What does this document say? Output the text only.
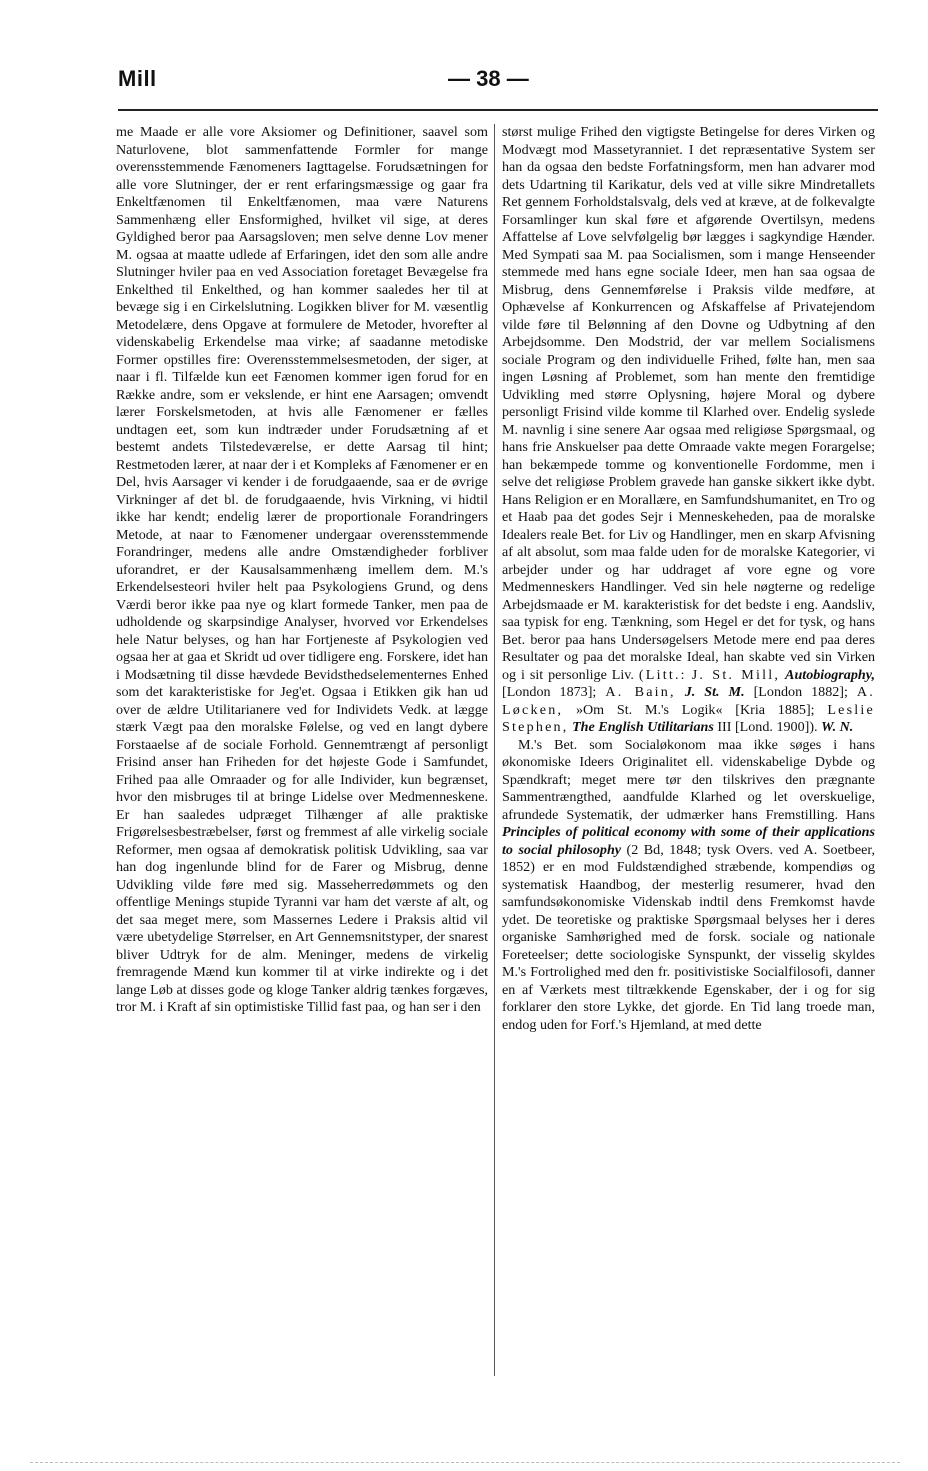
Mill	— 38 —

me Maade er alle vore Aksiomer og Definitioner, saavel som Naturlovene, blot sammenfattende Formler for mange overensstemmende Fænomeners Iagttagelse. Forudsætningen for alle vore Slutninger, der er rent erfaringsmæssige og gaar fra Enkeltfænomen til Enkeltfænomen, maa være Naturens Sammenhæng eller Ensformighed, hvilket vil sige, at deres Gyldighed beror paa Aarsagsloven; men selve denne Lov mener M. ogsaa at maatte udlede af Erfaringen, idet den som alle andre Slutninger hviler paa en ved Association foretaget Bevægelse fra Enkelthed til Enkelthed, og han kommer saaledes her til at bevæge sig i en Cirkelslutning. Logikken bliver for M. væsentlig Metodelære, dens Opgave at formulere de Metoder, hvorefter al videnskabelig Erkendelse maa virke; af saadanne metodiske Former opstilles fire: Overensstemmelsesmetoden, der siger, at naar i fl. Tilfælde kun eet Fænomen kommer igen forud for en Række andre, som er vekslende, er hint ene Aarsagen; omvendt lærer Forskelsmetoden, at hvis alle Fænomener er fælles undtagen eet, som kun indtræder under Forudsætning af et bestemt andets Tilstedeværelse, er dette Aarsag til hint; Restmetoden lærer, at naar der i et Kompleks af Fænomener er en Del, hvis Aarsager vi kender i de forudgaaende, saa er de øvrige Virkninger af det bl. de forudgaaende, hvis Virkning, vi hidtil ikke har kendt; endelig lærer de proportionale Forandringers Metode, at naar to Fænomener undergaar overensstemmende Forandringer, medens alle andre Omstændigheder forbliver uforandret, er der Kausalsammenhæng imellem dem. M.'s Erkendelsesteori hviler helt paa Psykologiens Grund, og dens Værdi beror ikke paa nye og klart formede Tanker, men paa de udholdende og skarpsindige Analyser, hvorved vor Erkendelses hele Natur belyses, og han har Fortjeneste af Psykologien ved ogsaa her at gaa et Skridt ud over tidligere eng. Forskere, idet han i Modsætning til disse hævdede Bevidsthedselementernes Enhed som det karakteristiske for Jeg'et. Ogsaa i Etikken gik han ud over de ældre Utilitarianere ved for Individets Vedk. at lægge stærk Vægt paa den moralske Følelse, og ved en langt dybere Forstaaelse af de sociale Forhold. Gennemtrængt af personligt Frisind anser han Friheden for det højeste Gode i Samfundet, Frihed paa alle Omraader og for alle Individer, kun begrænset, hvor den misbruges til at bringe Lidelse over Medmenneskene. Er han saaledes udpræget Tilhænger af alle praktiske Frigørelsesbestræbelser, først og fremmest af alle virkelig sociale Reformer, men ogsaa af demokratisk politisk Udvikling, saa var han dog ingenlunde blind for de Farer og Misbrug, denne Udvikling vilde føre med sig. Masseherredømmets og den offentlige Menings stupide Tyranni var ham det værste af alt, og det saa meget mere, som Massernes Ledere i Praksis altid vil være ubetydelige Størrelser, en Art Gennemsnitstyper, der snarest bliver Udtryk for de alm. Meninger, medens de virkelig fremragende Mænd kun kommer til at virke indirekte og i det lange Løb at disses gode og kloge Tanker aldrig tænkes forgæves, tror M. i Kraft af sin optimistiske Tillid fast paa, og han ser i den

størst mulige Frihed den vigtigste Betingelse for deres Virken og Modvægt mod Massetyranniet. I det repræsentative System ser han da ogsaa den bedste Forfatningsform, men han advarer mod dets Udartning til Karikatur, dels ved at ville sikre Mindretallets Ret gennem Forholdstalsvalg, dels ved at kræve, at de folkevalgte Forsamlinger kun skal føre et afgørende Overtilsyn, medens Affattelse af Love selvfølgelig bør lægges i sagkyndige Hænder. Med Sympati saa M. paa Socialismen, som i mange Henseender stemmede med hans egne sociale Ideer, men han saa ogsaa de Misbrug, dens Gennemførelse i Praksis vilde medføre, at Ophævelse af Konkurrencen og Afskaffelse af Privatejendom vilde føre til Belønning af den Dovne og Udbytning af den Arbejdsomme. Den Modstrid, der var mellem Socialismens sociale Program og den individuelle Frihed, følte han, men saa ingen Løsning af Problemet, som han mente den fremtidige Udvikling med større Oplysning, højere Moral og dybere personligt Frisind vilde komme til Klarhed over. Endelig syslede M. navnlig i sine senere Aar ogsaa med religiøse Spørgsmaal, og hans frie Anskuelser paa dette Omraade vakte megen Forargelse; han bekæmpede tomme og konventionelle Fordomme, men i selve det religiøse Problem gravede han ganske sikkert ikke dybt. Hans Religion er en Morallære, en Samfundshumanitet, en Tro og et Haab paa det godes Sejr i Menneskeheden, paa de moralske Idealers reale Bet. for Liv og Handlinger, men en skarp Afvisning af alt absolut, som maa falde uden for de moralske Kategorier, vi arbejder under og har uddraget af vore egne og vore Medmenneskers Handlinger. Ved sin hele nøgterne og redelige Arbejdsmaade er M. karakteristisk for det bedste i eng. Aandsliv, saa typisk for eng. Tænkning, som Hegel er det for tysk, og hans Bet. beror paa hans Undersøgelsers Metode mere end paa deres Resultater og paa det moralske Ideal, han skabte ved sin Virken og i sit personlige Liv. (Litt.: J. St. Mill, Autobiography, [London 1873]; A. Bain, J. St. M. [London 1882]; A. Løcken, »Om St. M.'s Logik« [Kria 1885]; Leslie Stephen, The English Utilitarians III [Lond. 1900]). W. N.

M.'s Bet. som Socialøkonom maa ikke søges i hans økonomiske Ideers Originalitet ell. videnskabelige Dybde og Spændkraft; meget mere tør den tilskrives den prægnante Sammentrængthed, aandfulde Klarhed og let overskuelige, afrundede Systematik, der udmærker hans Fremstilling. Hans Principles of political economy with some of their applications to social philosophy (2 Bd, 1848; tysk Overs. ved A. Soetbeer, 1852) er en mod Fuldstændighed stræbende, kompendiøs og systematisk Haandbog, der mesterlig resumerer, hvad den samfundsøkonomiske Videnskab indtil dens Fremkomst havde ydet. De teoretiske og praktiske Spørgsmaal belyses her i deres organiske Samhørighed med de forsk. sociale og nationale Foreteelser; dette sociologiske Synspunkt, der visselig skyldes M.'s Fortrolighed med den fr. positivistiske Socialfilosofi, danner en af Værkets mest tiltrækkende Egenskaber, der i og for sig forklarer den store Lykke, det gjorde. En Tid lang troede man, endog uden for Forf.'s Hjemland, at med dette
